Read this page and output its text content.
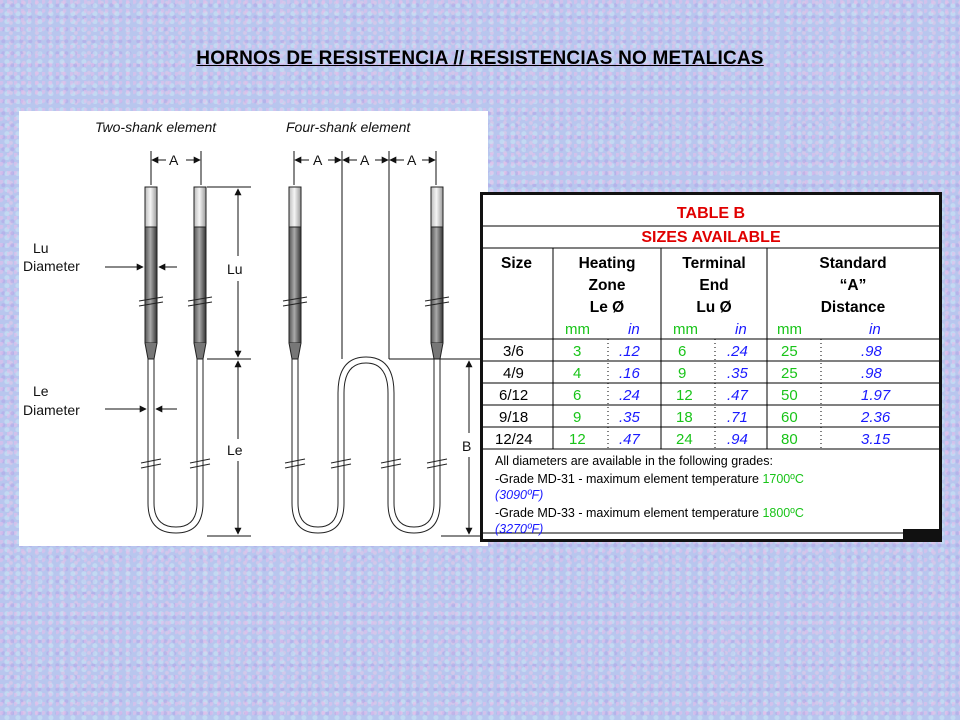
HORNOS DE RESISTENCIA // RESISTENCIAS NO METALICAS
Two-shank element	Four-shank element
A
Lu
Diameter
Le
Diameter
Lu
Le
A	A	A
B
TABLE B
SIZES AVAILABLE
Size	Heating
Zone
Le Ø
Terminal
End
Lu Ø
Standard
“A”
Distance
mm	in mm in mm	in
3/6	3	.12	6	.24 25	.98
4/9	4	.16	9	.35 25	.98
6/12	6	.24 12 .47 50	1.97
9/18	9	.35 18 .71 60	2.36
12/24 12 .47 24 .94 80	3.15
All diameters are available in the following grades:
-Grade MD-31 - maximum element temperature 1700ºC
(3090ºF)
-Grade MD-33 - maximum element temperature 1800ºC
(3270ºF)
